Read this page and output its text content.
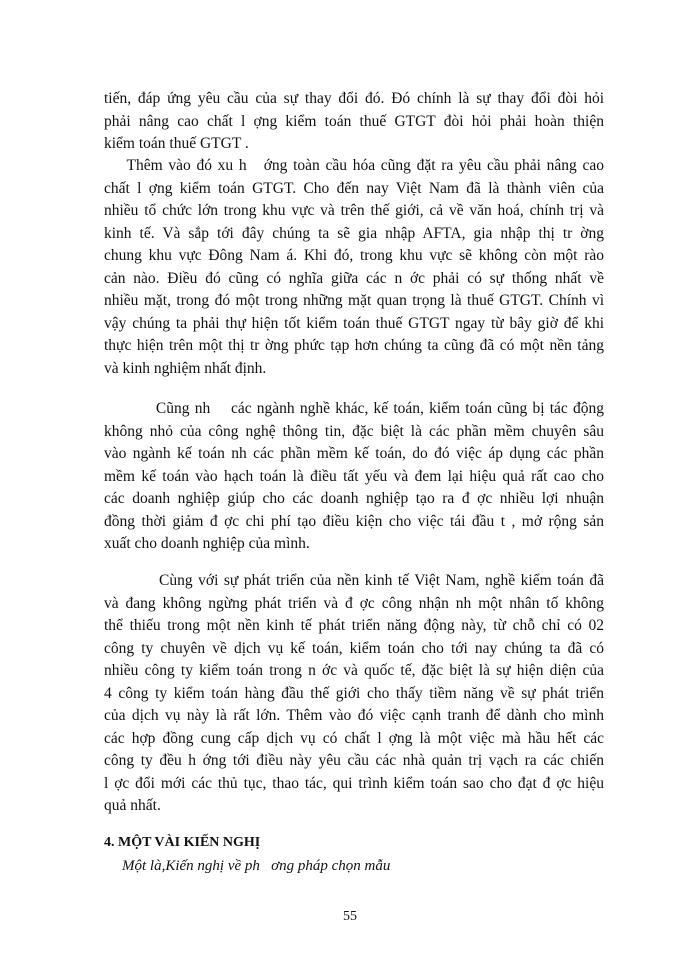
tiến, đáp ứng yêu cầu của sự thay đổi đó. Đó chính là sự thay đổi đòi hỏi
phải nâng cao chất l ợng kiểm toán thuế GTGT đòi hỏi phải hoàn thiện
kiểm toán thuế GTGT .
Thêm vào đó xu h   ớng toàn cầu hóa cũng đặt ra yêu cầu phải nâng cao
chất l ợng kiểm toán GTGT. Cho đến nay Việt Nam đã là thành viên của
nhiều tổ chức lớn trong khu vực và trên thế giới, cả về văn hoá, chính trị và
kinh tế. Và sắp tới đây chúng ta sẽ gia nhập AFTA, gia nhập thị tr ờng
chung khu vực Đông Nam á. Khi đó, trong khu vực sẽ không còn một rào
cản nào. Điều đó cũng có nghĩa giữa các n ớc phải có sự thống nhất về
nhiều mặt, trong đó một trong những mặt quan trọng là thuế GTGT. Chính vì
vậy chúng ta phải thự hiện tốt kiểm toán thuế GTGT ngay từ bây giờ để khi
thực hiện trên một thị tr ờng phức tạp hơn chúng ta cũng đã có một nền tảng
và kinh nghiệm nhất định.
Cũng nh    các ngành nghề khác, kế toán, kiểm toán cũng bị tác động
không nhỏ của công nghệ thông tin, đặc biệt là các phần mềm chuyên sâu
vào ngành kế toán nh các phần mềm kế toán, do đó việc áp dụng các phần
mềm kế toán vào hạch toán là điều tất yếu và đem lại hiệu quả rất cao cho
các doanh nghiệp giúp cho các doanh nghiệp tạo ra đ ợc nhiều lợi nhuận
đồng thời giảm đ ợc chi phí tạo điều kiện cho việc tái đầu t , mở rộng sản
xuất cho doanh nghiệp của mình.
Cùng với sự phát triển của nền kinh tế Việt Nam, nghề kiểm toán đã
và đang không ngừng phát triển và đ ợc công nhận nh một nhân tố không
thể thiếu trong một nền kinh tế phát triển năng động này, từ chỗ chỉ có 02
công ty chuyên về dịch vụ kế toán, kiểm toán cho tới nay chúng ta đã có
nhiều công ty kiểm toán trong n ớc và quốc tế, đặc biệt là sự hiện diện của
4 công ty kiểm toán hàng đầu thế giới cho thấy tiềm năng về sự phát triển
của dịch vụ này là rất lớn. Thêm vào đó việc cạnh tranh để dành cho mình
các hợp đồng cung cấp dịch vụ có chất l ợng là một việc mà hầu hết các
công ty đều h ớng tới điều này yêu cầu các nhà quản trị vạch ra các chiến
l ợc đổi mới các thủ tục, thao tác, qui trình kiểm toán sao cho đạt đ ợc hiệu
quả nhất.
4. MỘT VÀI KIẾN NGHỊ
Một là,Kiến nghị về ph   ơng pháp chọn mẫu
55
